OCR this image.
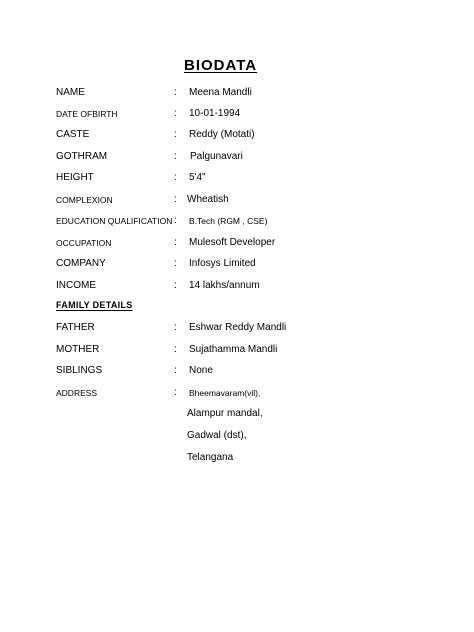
BIODATA
NAME	: Meena Mandli
DATE OFBIRTH	: 10-01-1994
CASTE	: Reddy (Motati)
GOTHRAM	: Palgunavari
HEIGHT	: 5'4"
COMPLEXION	: Wheatish
EDUCATION QUALIFICATION : B.Tech (RGM , CSE)
OCCUPATION	: Mulesoft Developer
COMPANY	: Infosys Limited
INCOME	: 14 lakhs/annum
FAMILY DETAILS
FATHER	: Eshwar Reddy Mandli
MOTHER	: Sujathamma Mandli
SIBLINGS	: None
ADDRESS	: Bheemavaram(vil),
Alampur mandal,
Gadwal (dst),
Telangana
